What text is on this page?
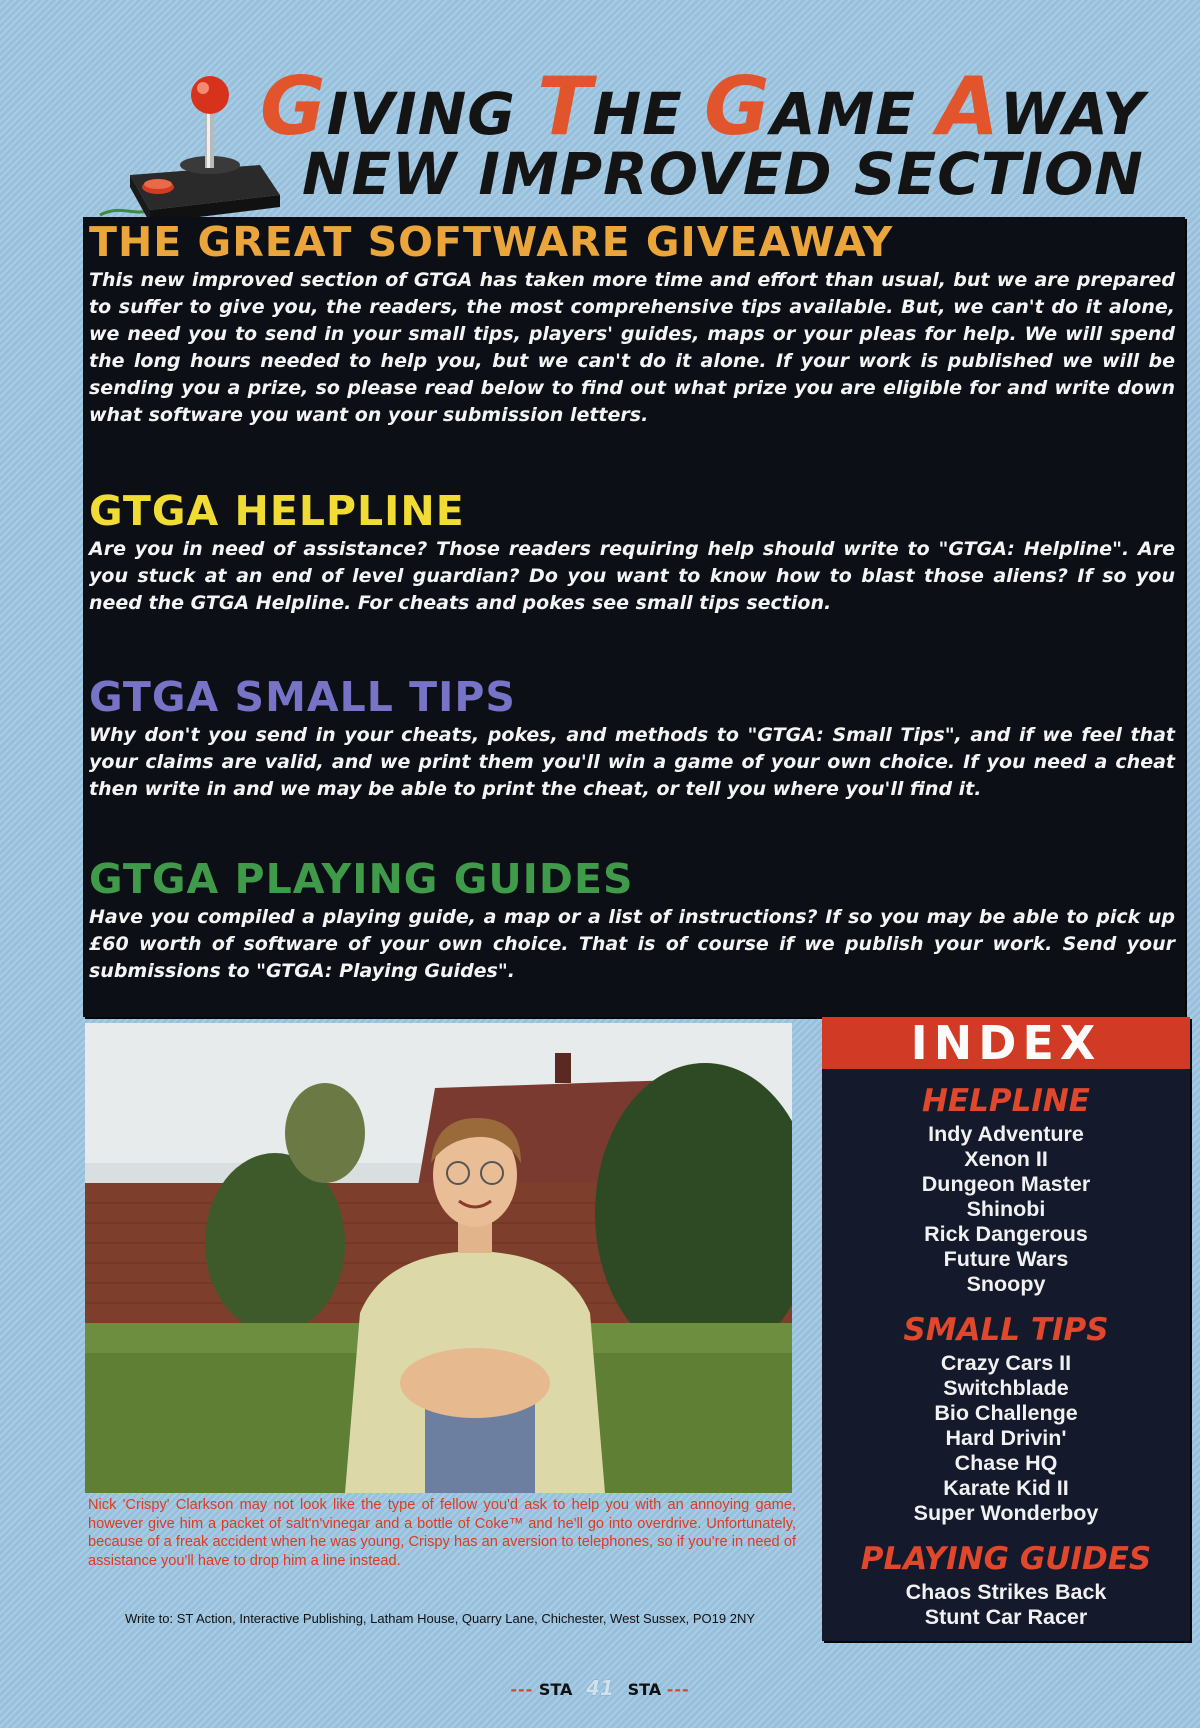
GIVING THE GAME AWAY
NEW IMPROVED SECTION
THE GREAT SOFTWARE GIVEAWAY

This new improved section of GTGA has taken more time and effort than usual, but we are prepared to suffer to give you, the readers, the most comprehensive tips available. But, we can't do it alone, we need you to send in your small tips, players' guides, maps or your pleas for help. We will spend the long hours needed to help you, but we can't do it alone. If your work is published we will be sending you a prize, so please read below to find out what prize you are eligible for and write down what software you want on your submission letters.

GTGA HELPLINE

Are you in need of assistance? Those readers requiring help should write to "GTGA: Helpline". Are you stuck at an end of level guardian? Do you want to know how to blast those aliens? If so you need the GTGA Helpline. For cheats and pokes see small tips section.

GTGA SMALL TIPS

Why don't you send in your cheats, pokes, and methods to "GTGA: Small Tips", and if we feel that your claims are valid, and we print them you'll win a game of your own choice. If you need a cheat then write in and we may be able to print the cheat, or tell you where you'll find it.

GTGA PLAYING GUIDES

Have you compiled a playing guide, a map or a list of instructions? If so you may be able to pick up £60 worth of software of your own choice. That is of course if we publish your work. Send your submissions to "GTGA: Playing Guides".

Nick 'Crispy' Clarkson may not look like the type of fellow you'd ask to help you with an annoying game, however give him a packet of salt'n'vinegar and a bottle of Coke™ and he'll go into overdrive. Unfortunately, because of a freak accident when he was young, Crispy has an aversion to telephones, so if you're in need of assistance you'll have to drop him a line instead.

Write to: ST Action, Interactive Publishing, Latham House, Quarry Lane, Chichester, West Sussex, PO19 2NY

INDEX

HELPLINE

Indy Adventure

Xenon II

Dungeon Master

Shinobi

Rick Dangerous

Future Wars

Snoopy

SMALL TIPS

Crazy Cars II

Switchblade

Bio Challenge

Hard Drivin'

Chase HQ

Karate Kid II

Super Wonderboy

PLAYING GUIDES

Chaos Strikes Back

Stunt Car Racer

--- STA 41 STA ---
